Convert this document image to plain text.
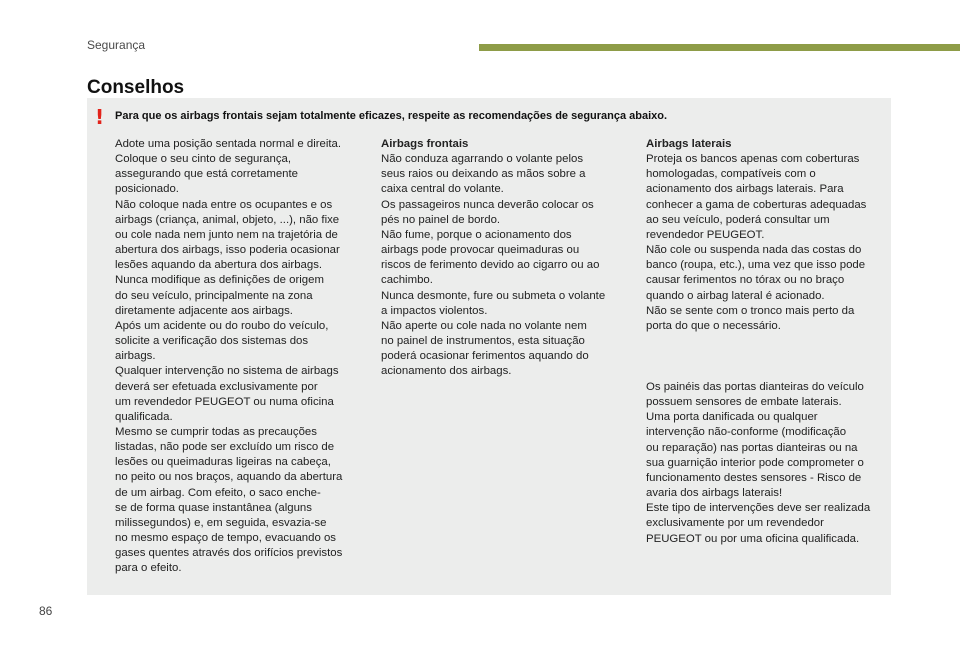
Segurança
Conselhos
! Para que os airbags frontais sejam totalmente eficazes, respeite as recomendações de segurança abaixo.

Adote uma posição sentada normal e direita.
Coloque o seu cinto de segurança,
assegurando que está corretamente
posicionado.
Não coloque nada entre os ocupantes e os
airbags (criança, animal, objeto, ...), não fixe
ou cole nada nem junto nem na trajetória de
abertura dos airbags, isso poderia ocasionar
lesões aquando da abertura dos airbags.
Nunca modifique as definições de origem
do seu veículo, principalmente na zona
diretamente adjacente aos airbags.
Após um acidente ou do roubo do veículo,
solicite a verificação dos sistemas dos
airbags.
Qualquer intervenção no sistema de airbags
deverá ser efetuada exclusivamente por
um revendedor PEUGEOT ou numa oficina
qualificada.
Mesmo se cumprir todas as precauções
listadas, não pode ser excluído um risco de
lesões ou queimaduras ligeiras na cabeça,
no peito ou nos braços, aquando da abertura
de um airbag. Com efeito, o saco enche-
se de forma quase instantânea (alguns
milissegundos) e, em seguida, esvazia-se
no mesmo espaço de tempo, evacuando os
gases quentes através dos orifícios previstos
para o efeito.

Airbags frontais

Não conduza agarrando o volante pelos
seus raios ou deixando as mãos sobre a
caixa central do volante.
Os passageiros nunca deverão colocar os
pés no painel de bordo.
Não fume, porque o acionamento dos
airbags pode provocar queimaduras ou
riscos de ferimento devido ao cigarro ou ao
cachimbo.
Nunca desmonte, fure ou submeta o volante
a impactos violentos.
Não aperte ou cole nada no volante nem
no painel de instrumentos, esta situação
poderá ocasionar ferimentos aquando do
acionamento dos airbags.

Airbags laterais

Proteja os bancos apenas com coberturas
homologadas, compatíveis com o
acionamento dos airbags laterais. Para
conhecer a gama de coberturas adequadas
ao seu veículo, poderá consultar um
revendedor PEUGEOT.
Não cole ou suspenda nada das costas do
banco (roupa, etc.), uma vez que isso pode
causar ferimentos no tórax ou no braço
quando o airbag lateral é acionado.
Não se sente com o tronco mais perto da
porta do que o necessário.

Os painéis das portas dianteiras do veículo
possuem sensores de embate laterais.
Uma porta danificada ou qualquer
intervenção não-conforme (modificação
ou reparação) nas portas dianteiras ou na
sua guarnição interior pode comprometer o
funcionamento destes sensores - Risco de
avaria dos airbags laterais!
Este tipo de intervenções deve ser realizada
exclusivamente por um revendedor
PEUGEOT ou por uma oficina qualificada.

86
